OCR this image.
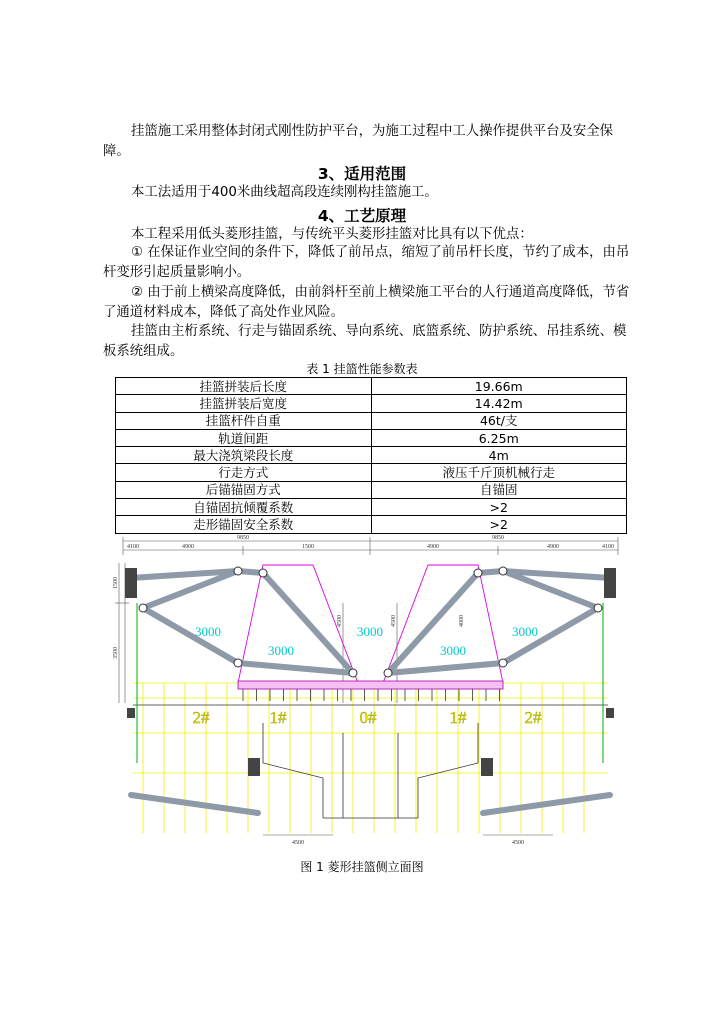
挂篮施工采用整体封闭式刚性防护平台，为施工过程中工人操作提供平台及安全保障。

3、适用范围

本工法适用于400米曲线超高段连续刚构挂篮施工。

4、工艺原理

本工程采用低头菱形挂篮，与传统平头菱形挂篮对比具有以下优点：

① 在保证作业空间的条件下，降低了前吊点，缩短了前吊杆长度，节约了成本，由吊杆变形引起质量影响小。

② 由于前上横梁高度降低，由前斜杆至前上横梁施工平台的人行通道高度降低，节省了通道材料成本，降低了高处作业风险。

挂篮由主桁系统、行走与锚固系统、导向系统、底篮系统、防护系统、吊挂系统、模板系统组成。

表 1 挂篮性能参数表

挂篮拼装后长度	19.66m
挂篮拼装后宽度	14.42m
挂篮杆件自重	46t/支
轨道间距	6.25m
最大浇筑梁段长度	4m
行走方式	液压千斤顶机械行走
后锚锚固方式	自锚固
自锚固抗倾覆系数	>2
走形锚固安全系数	>2
9850	9850
4100	4900	1500	4900	4900	4100
4500	4500
1500
3500
4500	4500	4000
3000
3000
3000
3000
3000
2#	1#	0#	1#	2#

图 1 菱形挂篮侧立面图
